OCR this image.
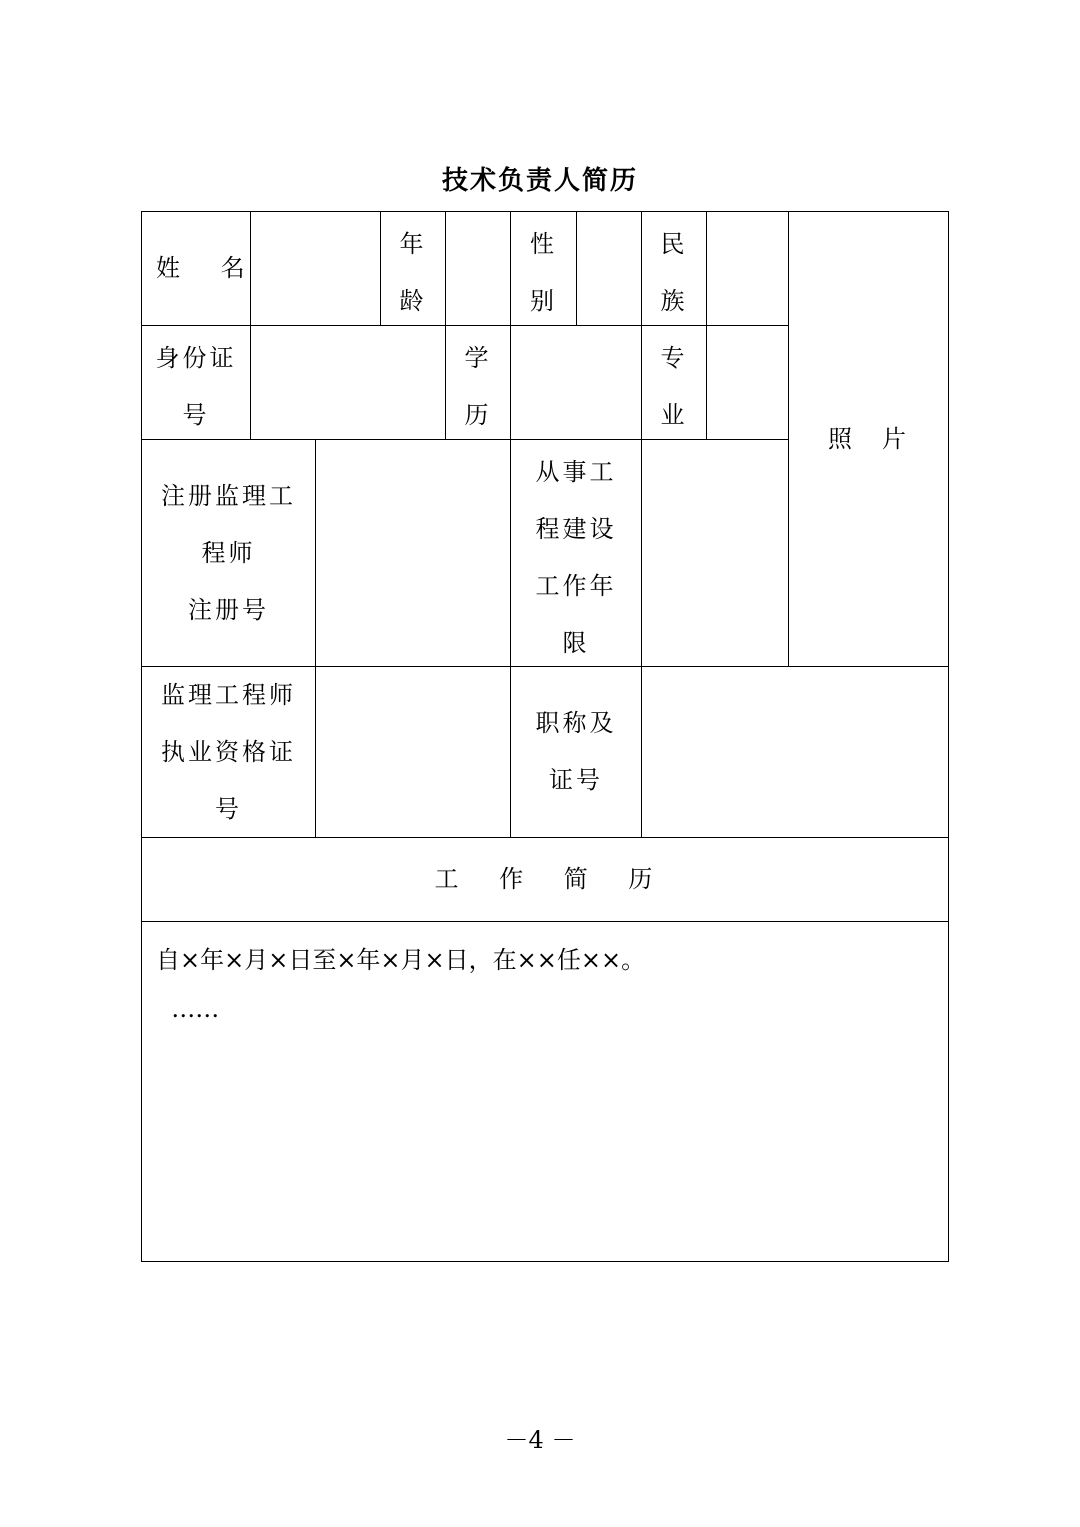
技术负责人简历
姓　 名
年
龄
性
别
民
族
照　片
身份证
号
学
历
专
业
注册监理工
程师
注册号
从事工
程建设
工作年
限
监理工程师
执业资格证
号
职称及
证号
工　 作　 简　 历
自×年×月×日至×年×月×日，在××任××。
……
－4 －
